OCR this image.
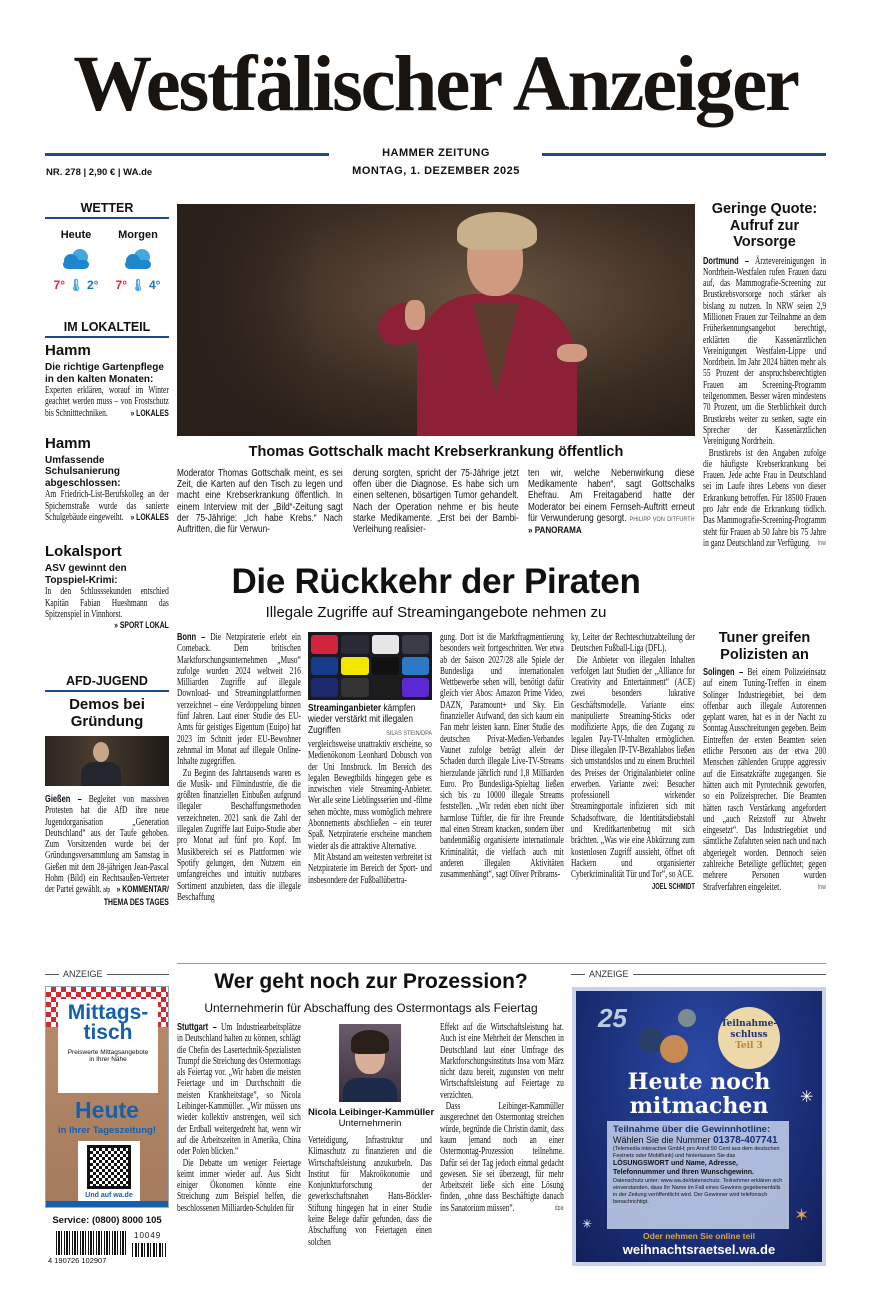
Westfälischer Anzeiger
HAMMER ZEITUNG
MONTAG, 1. DEZEMBER 2025
NR. 278 | 2,90 € | WA.de
WETTER
Heute
7° 🌡 2°
Morgen
7° 🌡 4°
IM LOKALTEIL
Hamm
Die richtige Gartenpflege in den kalten Monaten:
Experten erklären, worauf im Winter geachtet werden muss – von Frostschutz bis Schnitttechniken. » LOKALES
Hamm
Umfassende Schulsanierung abgeschlossen:
Am Friedrich-List-Berufskolleg an der Spichernstraße wurde das sanierte Schulgebäude eingeweiht. » LOKALES
Lokalsport
ASV gewinnt den Topspiel-Krimi:
In den Schlusssekunden entschied Kapitän Fabian Hueshmann das Spitzenspiel in Vinnhorst.
» SPORT LOKAL
AFD-JUGEND
Demos bei Gründung
Gießen – Begleitet von massiven Protesten hat die AfD ihre neue Jugendorganisation „Generation Deutschland“ aus der Taufe gehoben. Zum Vorsitzenden wurde bei der Gründungsversammlung am Samstag in Gießen mit dem 28-jährigen Jean-Pascal Hohm (Bild) ein Rechtsaußen-Vertreter der Partei gewählt. afp » KOMMENTAR/

THEMA DES TAGES
Thomas Gottschalk macht Krebserkrankung öffentlich
Moderator Thomas Gottschalk meint, es sei Zeit, die Karten auf den Tisch zu legen und macht eine Krebserkrankung öffentlich. In einem Interview mit der „Bild“-Zeitung sagt der 75-Jährige: „Ich habe Krebs.“ Nach Auftritten, die für Verwun-
derung sorgten, spricht der 75-Jährige jetzt offen über die Diagnose. Es habe sich um einen seltenen, bösartigen Tumor gehandelt. Nach der Operation nehme er bis heute starke Medikamente. „Erst bei der Bambi-Verleihung realisier-
ten wir, welche Nebenwirkung diese Medikamente haben“, sagt Gottschalks Ehefrau. Am Freitagabend hatte der Moderator bei einem Fernseh-Auftritt erneut für Verwunderung gesorgt. PHILIPP VON DITFURTH » PANORAMA
Geringe Quote: Aufruf zur Vorsorge

Dortmund – Ärztevereinigungen in Nordrhein-Westfalen rufen Frauen dazu auf, das Mammografie-Screening zur Brustkrebsvorsorge noch stärker als bislang zu nutzen. In NRW seien 2,9 Millionen Frauen zur Teilnahme an dem Früherkennungsangebot berechtigt, erklärten die Kassenärztlichen Vereinigungen Westfalen-Lippe und Nordrhein. Im Jahr 2024 hätten mehr als 55 Prozent der anspruchsberechtigten Frauen am Screening-Programm teilgenommen. Besser wären mindestens 70 Prozent, um die Sterblichkeit durch Brustkrebs weiter zu senken, sagte ein Sprecher der Kassenärztlichen Vereinigung Nordrhein.

Brustkrebs ist den Angaben zufolge die häufigste Krebserkrankung bei Frauen. Jede achte Frau in Deutschland sei im Laufe ihres Lebens von dieser Erkrankung betroffen. Für 18500 Frauen pro Jahr ende die Erkrankung tödlich. Das Mammografie-Screening-Programm steht für Frauen ab 50 Jahre bis 75 Jahre in ganz Deutschland zur Verfügung.	lnw

Die Rückkehr der Piraten
Illegale Zugriffe auf Streamingangebote nehmen zu

Bonn – Die Netzpiraterie erlebt ein Comeback. Dem britischen Marktforschungsunternehmen „Muso“ zufolge wurden 2024 weltweit 216 Milliarden Zugriffe auf illegale Download- und Streamingplattformen verzeichnet – eine Verdoppelung binnen fünf Jahren. Laut einer Studie des EU-Amts für geistiges Eigentum (Euipo) hat 2023 im Schnitt jeder EU-Bewohner zehnmal im Monat auf illegale Online-Inhalte zugegriffen.

Zu Beginn des Jahrtausends waren es die Musik- und Filmindustrie, die die größten finanziellen Einbußen aufgrund illegaler Beschaffungsmethoden verzeichneten. 2021 sank die Zahl der illegalen Zugriffe laut Euipo-Studie aber pro Monat auf fünf pro Kopf. Im Musikbereich sei es Plattformen wie Spotify gelungen, den Nutzern ein umfangreiches und intuitiv nutzbares Sortiment anzubieten, dass die illegale Beschaffung

Streaminganbieter kämpfen wieder verstärkt mit illegalen Zugriffen	SILAS STEIN/DPA

vergleichsweise unattraktiv erscheine, so Medienökonom Leonhard Dobusch von der Uni Innsbruck. Im Bereich des legalen Bewegtbilds hingegen gebe es inzwischen viele Streaming-Anbieter. Wer alle seine Lieblingsserien und -filme sehen möchte, muss womöglich mehrere Abonnements abschließen – ein teurer Spaß. Netzpiraterie erscheine manchem wieder als die attraktive Alternative.

Mit Abstand am weitesten verbreitet ist Netzpiraterie im Bereich der Sport- und insbesondere der Fußballübertra-

gung. Dort ist die Marktfragmentierung besonders weit fortgeschritten. Wer etwa ab der Saison 2027/28 alle Spiele der Bundesliga und internationalen Wettbewerbe sehen will, benötigt dafür gleich vier Abos: Amazon Prime Video, DAZN, Paramount+ und Sky. Ein finanzieller Aufwand, den sich kaum ein Fan mehr leisten kann. Einer Studie des deutschen Privat-Medien-Verbandes Vaunet zufolge beträgt allein der Schaden durch illegale Live-TV-Streams hierzulande jährlich rund 1,8 Milliarden Euro. Pro Bundesliga-Spieltag ließen sich bis zu 10000 illegale Streams feststellen. „Wir reden eben nicht über harmlose Tüftler, die für ihre Freunde mal einen Stream knacken, sondern über bandenmäßig organisierte internationale Kriminalität, die vielfach auch mit anderen illegalen Aktivitäten zusammenhängt“, sagt Oliver Pribrams-

ky, Leiter der Rechteschutzabteilung der Deutschen Fußball-Liga (DFL).

Die Anbieter von illegalen Inhalten verfolgen laut Studien der „Alliance for Creativity and Entertainment“ (ACE) zwei besonders lukrative Geschäftsmodelle. Variante eins: manipulierte Streaming-Sticks oder modifizierte Apps, die den Zugang zu legalen Pay-TV-Inhalten ermöglichen. Diese illegalen IP-TV-Bezahlabos ließen sich umstandslos und zu einem Bruchteil des Preises der Originalanbieter online erwerben. Variante zwei: Besucher professionell wirkender Streamingportale infizieren sich mit Schadsoftware, die Identitätsdiebstahl und Kreditkartenbetrug mit sich brächten. „Was wie eine Abkürzung zum kostenlosen Zugriff aussieht, öffnet oft Hackern und organisierter Cyberkriminalität Tür und Tor“, so ACE.
JOEL SCHMIDT

Tuner greifen Polizisten an
Solingen – Bei einem Polizeieinsatz auf einem Tuning-Treffen in einem Solinger Industriegebiet, bei dem offenbar auch illegale Autorennen geplant waren, hat es in der Nacht zu Sonntag Ausschreitungen gegeben. Beim Eintreffen der ersten Beamten seien etliche Personen aus der etwa 200 Menschen zählenden Gruppe aggressiv auf die Einsatzkräfte zugegangen. Sie hätten auch mit Pyrotechnik geworfen, so ein Polizeisprecher. Die Beamten hätten rasch Verstärkung angefordert und „auch Reizstoff zur Abwehr eingesetzt“. Das Industriegebiet und sämtliche Zufahrten seien nach und nach abgeriegelt worden. Dennoch seien zahlreiche Beteiligte geflüchtet; gegen mehrere Personen wurden Strafverfahren eingeleitet.	lnw
ANZEIGE
Mittags-
tisch
Preiswerte Mittagsangebote
in Ihrer Nähe
Heute
in Ihrer Tageszeitung!
Und auf wa.de
Service: (0800) 8000 105
10049
4 190726 102907
Wer geht noch zur Prozession?
Unternehmerin für Abschaffung des Ostermontags als Feiertag

Stuttgart – Um Industriearbeitsplätze in Deutschland halten zu können, schlägt die Chefin des Lasertechnik-Spezialisten Trumpf die Streichung des Ostermontags als Feiertag vor. „Wir haben die meisten Feiertage und im Durchschnitt die meisten Krankheitstage“, so Nicola Leibinger-Kammüller. „Wir müssen uns wieder kollektiv anstrengen, weil sich der Erdball weitergedreht hat, wenn wir auf die Arbeitszeiten in Amerika, China oder Polen blicken.“

Die Debatte um weniger Feiertage keimt immer wieder auf. Aus Sicht einiger Ökonomen könnte eine Streichung zum Beispiel helfen, die beschlossenen Milliarden-Schulden für

Nicola Leibinger-Kammüller
Unternehmerin
Verteidigung, Infrastruktur und Klimaschutz zu finanzieren und die Wirtschaftsleistung anzukurbeln. Das Institut für Makroökonomie und Konjunkturforschung der gewerkschaftsnahen Hans-Böckler-Stiftung hingegen hat in einer Studie keine Belege dafür gefunden, dass die Abschaffung von Feiertagen einen solchen

Effekt auf die Wirtschaftsleistung hat. Auch ist eine Mehrheit der Menschen in Deutschland laut einer Umfrage des Marktforschungsinstituts Insa vom März nicht dazu bereit, zugunsten von mehr Wirtschaftsleistung auf Feiertage zu verzichten.

Dass Leibinger-Kammüller ausgerechnet den Ostermontag streichen würde, begründe die Christin damit, dass kaum jemand noch an einer Ostermontag-Prozession teilnehme. Dafür sei der Tag jedoch einmal gedacht gewesen. Sie sei überzeugt, für mehr Arbeitszeit ließe sich eine Lösung finden, „ohne dass Beschäftigte danach ins Sanatorium müssen“.	dpa

ANZEIGE
25	Teilnahme-
schluss
Teil 3
Heute noch
mitmachen
Teilnahme über die Gewinnhotline:
Wählen Sie die Nummer 01378-407741
(Telemedia interactive GmbH; pro Anruf 50 Cent aus dem deutschen Festnetz oder Mobilfunk) und hinterlassen Sie das
LÖSUNGSWORT und Name, Adresse, Telefonnummer und Ihren Wunschgewinn.
Datenschutz unter: www.wa.de/datenschutz. Teilnehmer erklären sich einverstanden, dass Ihr Name im Fall eines Gewinns gegebenenfalls in der Zeitung veröffentlicht wird. Der Gewinner wird telefonisch benachrichtigt.
Oder nehmen Sie online teil
weihnachtsraetsel.wa.de
✳
✳	✶
